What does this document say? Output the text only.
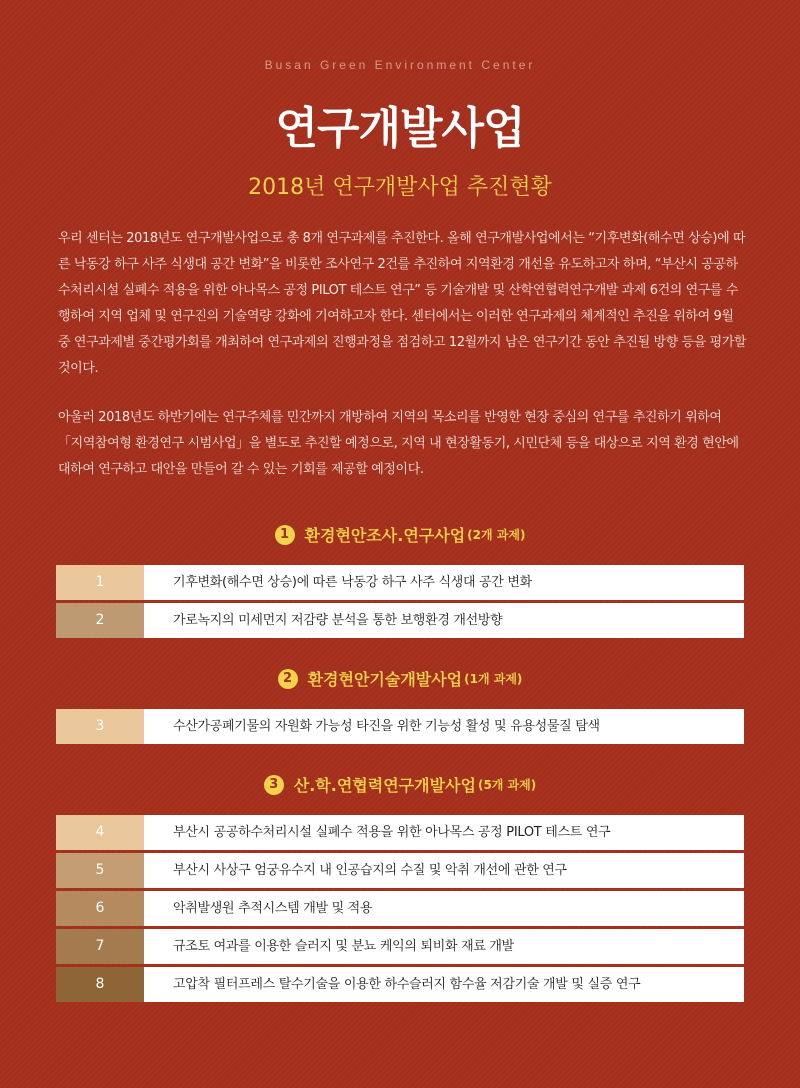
Busan Green Environment Center
연구개발사업
2018년 연구개발사업 추진현황

우리 센터는 2018년도 연구개발사업으로 총 8개 연구과제를 추진한다. 올해 연구개발사업에서는 “기후변화(해수면 상승)에 따른 낙동강 하구 사주 식생대 공간 변화”을 비롯한 조사연구 2건를 추진하여 지역환경 개선을 유도하고자 하며, “부산시 공공하수처리시설 실폐수 적용을 위한 아나목스 공정 PILOT 테스트 연구” 등 기술개발 및 산학연협력연구개발 과제 6건의 연구를 수행하여 지역 업체 및 연구진의 기술역량 강화에 기여하고자 한다. 센터에서는 이러한 연구과제의 체계적인 추진을 위하여 9월 중 연구과제별 중간평가회를 개최하여 연구과제의 진행과정을 점검하고 12월까지 남은 연구기간 동안 추진될 방향 등을 평가할 것이다.

아울러 2018년도 하반기에는 연구주체를 민간까지 개방하여 지역의 목소리를 반영한 현장 중심의 연구를 추진하기 위하여 「지역참여형 환경연구 시범사업」을 별도로 추진할 예정으로, 지역 내 현장활동기, 시민단체 등을 대상으로 지역 환경 현안에 대하여 연구하고 대안을 만들어 갈 수 있는 기회를 제공할 예정이다.

1 환경현안조사.연구사업 (2개 과제)
1	기후변화(해수면 상승)에 따른 낙동강 하구 사주 식생대 공간 변화
2	가로녹지의 미세먼지 저감량 분석을 통한 보행환경 개선방향
2 환경현안기술개발사업 (1개 과제)
3	수산가공폐기물의 자원화 가능성 타진을 위한 기능성 활성 및 유용성물질 탐색
3 산.학.연협력연구개발사업 (5개 과제)
4	부산시 공공하수처리시설 실폐수 적용을 위한 아나목스 공정 PILOT 테스트 연구
5	부산시 사상구 엄궁유수지 내 인공습지의 수질 및 악취 개선에 관한 연구
6	악취발생원 추적시스템 개발 및 적용
7	규조토 여과를 이용한 슬러지 및 분뇨 케익의 퇴비화 재료 개발
8	고압착 필터프레스 탈수기술을 이용한 하수슬러지 함수율 저감기술 개발 및 실증 연구
